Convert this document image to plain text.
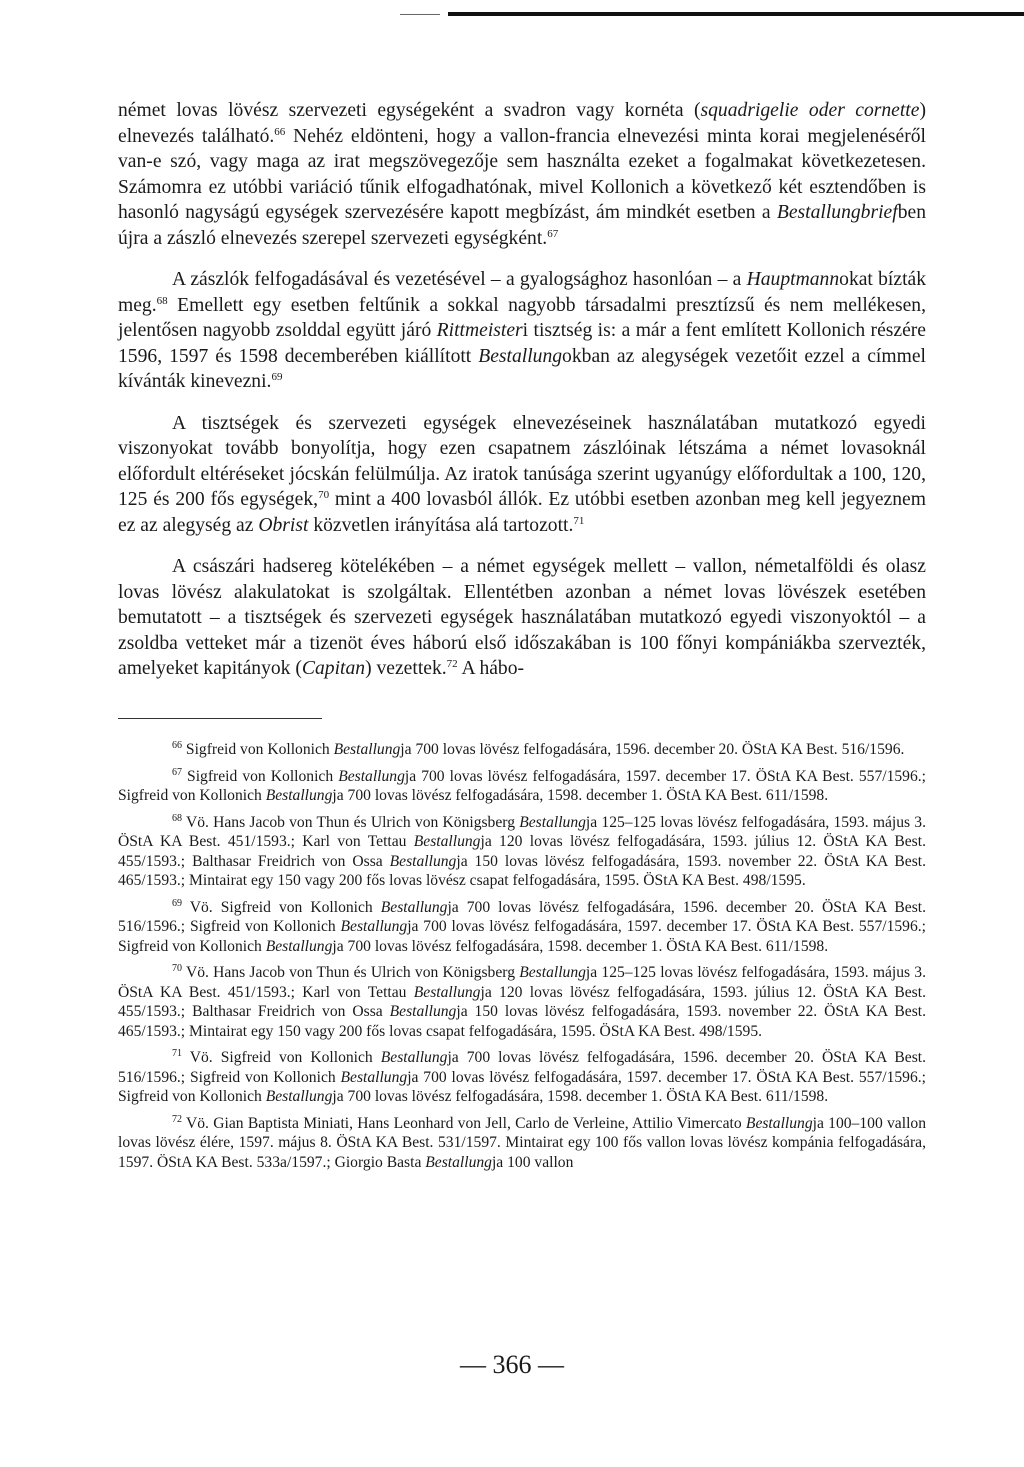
német lovas lövész szervezeti egységeként a svadron vagy kornéta (squadrigelie oder cornette) elnevezés található.$^{66}$ Nehéz eldönteni, hogy a vallon-francia elnevezési minta korai megjelenéséről van-e szó, vagy maga az irat megszövegezője sem használta ezeket a fogalmakat következetesen. Számomra ez utóbbi variáció tűnik elfogadhatónak, mivel Kollonich a következő két esztendőben is hasonló nagyságú egységek szervezésére kapott megbízást, ám mindkét esetben a Bestallungbriefben újra a zászló elnevezés szerepel szervezeti egységként.$^{67}$

A zászlók felfogadásával és vezetésével – a gyalogsághoz hasonlóan – a Hauptmannokat bízták meg.$^{68}$ Emellett egy esetben feltűnik a sokkal nagyobb társadalmi presztízsű és nem mellékesen, jelentősen nagyobb zsolddal együtt járó Rittmeisteri tisztség is: a már a fent említett Kollonich részére 1596, 1597 és 1598 decemberében kiállított Bestallungokban az alegységek vezetőit ezzel a címmel kívánták kinevezni.$^{69}$

A tisztségek és szervezeti egységek elnevezéseinek használatában mutatkozó egyedi viszonyokat tovább bonyolítja, hogy ezen csapatnem zászlóinak létszáma a német lovasoknál előfordult eltéréseket jócskán felülmúlja. Az iratok tanúsága szerint ugyanúgy előfordultak a 100, 120, 125 és 200 fős egységek,$^{70}$ mint a 400 lovasból állók. Ez utóbbi esetben azonban meg kell jegyeznem ez az alegység az Obrist közvetlen irányítása alá tartozott.$^{71}$

A császári hadsereg kötelékében – a német egységek mellett – vallon, németalföldi és olasz lovas lövész alakulatokat is szolgáltak. Ellentétben azonban a német lovas lövészek esetében bemutatott – a tisztségek és szervezeti egységek használatában mutatkozó egyedi viszonyoktól – a zsoldba vetteket már a tizenöt éves háború első időszakában is 100 főnyi kompániákba szervezték, amelyeket kapitányok (Capitan) vezettek.$^{72}$ A hábo-

$^{66}$ Sigfreid von Kollonich Bestallungja 700 lovas lövész felfogadására, 1596. december 20. ÖStA KA Best. 516/1596.

$^{67}$ Sigfreid von Kollonich Bestallungja 700 lovas lövész felfogadására, 1597. december 17. ÖStA KA Best. 557/1596.; Sigfreid von Kollonich Bestallungja 700 lovas lövész felfogadására, 1598. december 1. ÖStA KA Best. 611/1598.

$^{68}$ Vö. Hans Jacob von Thun és Ulrich von Königsberg Bestallungja 125–125 lovas lövész felfogadására, 1593. május 3. ÖStA KA Best. 451/1593.; Karl von Tettau Bestallungja 120 lovas lövész felfogadására, 1593. július 12. ÖStA KA Best. 455/1593.; Balthasar Freidrich von Ossa Bestallungja 150 lovas lövész felfogadására, 1593. november 22. ÖStA KA Best. 465/1593.; Mintairat egy 150 vagy 200 fős lovas lövész csapat felfogadására, 1595. ÖStA KA Best. 498/1595.

$^{69}$ Vö. Sigfreid von Kollonich Bestallungja 700 lovas lövész felfogadására, 1596. december 20. ÖStA KA Best. 516/1596.; Sigfreid von Kollonich Bestallungja 700 lovas lövész felfogadására, 1597. december 17. ÖStA KA Best. 557/1596.; Sigfreid von Kollonich Bestallungja 700 lovas lövész felfogadására, 1598. december 1. ÖStA KA Best. 611/1598.

$^{70}$ Vö. Hans Jacob von Thun és Ulrich von Königsberg Bestallungja 125–125 lovas lövész felfogadására, 1593. május 3. ÖStA KA Best. 451/1593.; Karl von Tettau Bestallungja 120 lovas lövész felfogadására, 1593. július 12. ÖStA KA Best. 455/1593.; Balthasar Freidrich von Ossa Bestallungja 150 lovas lövész felfogadására, 1593. november 22. ÖStA KA Best. 465/1593.; Mintairat egy 150 vagy 200 fős lovas csapat felfogadására, 1595. ÖStA KA Best. 498/1595.

$^{71}$ Vö. Sigfreid von Kollonich Bestallungja 700 lovas lövész felfogadására, 1596. december 20. ÖStA KA Best. 516/1596.; Sigfreid von Kollonich Bestallungja 700 lovas lövész felfogadására, 1597. december 17. ÖStA KA Best. 557/1596.; Sigfreid von Kollonich Bestallungja 700 lovas lövész felfogadására, 1598. december 1. ÖStA KA Best. 611/1598.

$^{72}$ Vö. Gian Baptista Miniati, Hans Leonhard von Jell, Carlo de Verleine, Attilio Vimercato Bestallungja 100–100 vallon lovas lövész élére, 1597. május 8. ÖStA KA Best. 531/1597. Mintairat egy 100 fős vallon lovas lövész kompánia felfogadására, 1597. ÖStA KA Best. 533a/1597.; Giorgio Basta Bestallungja 100 vallon

— 366 —
